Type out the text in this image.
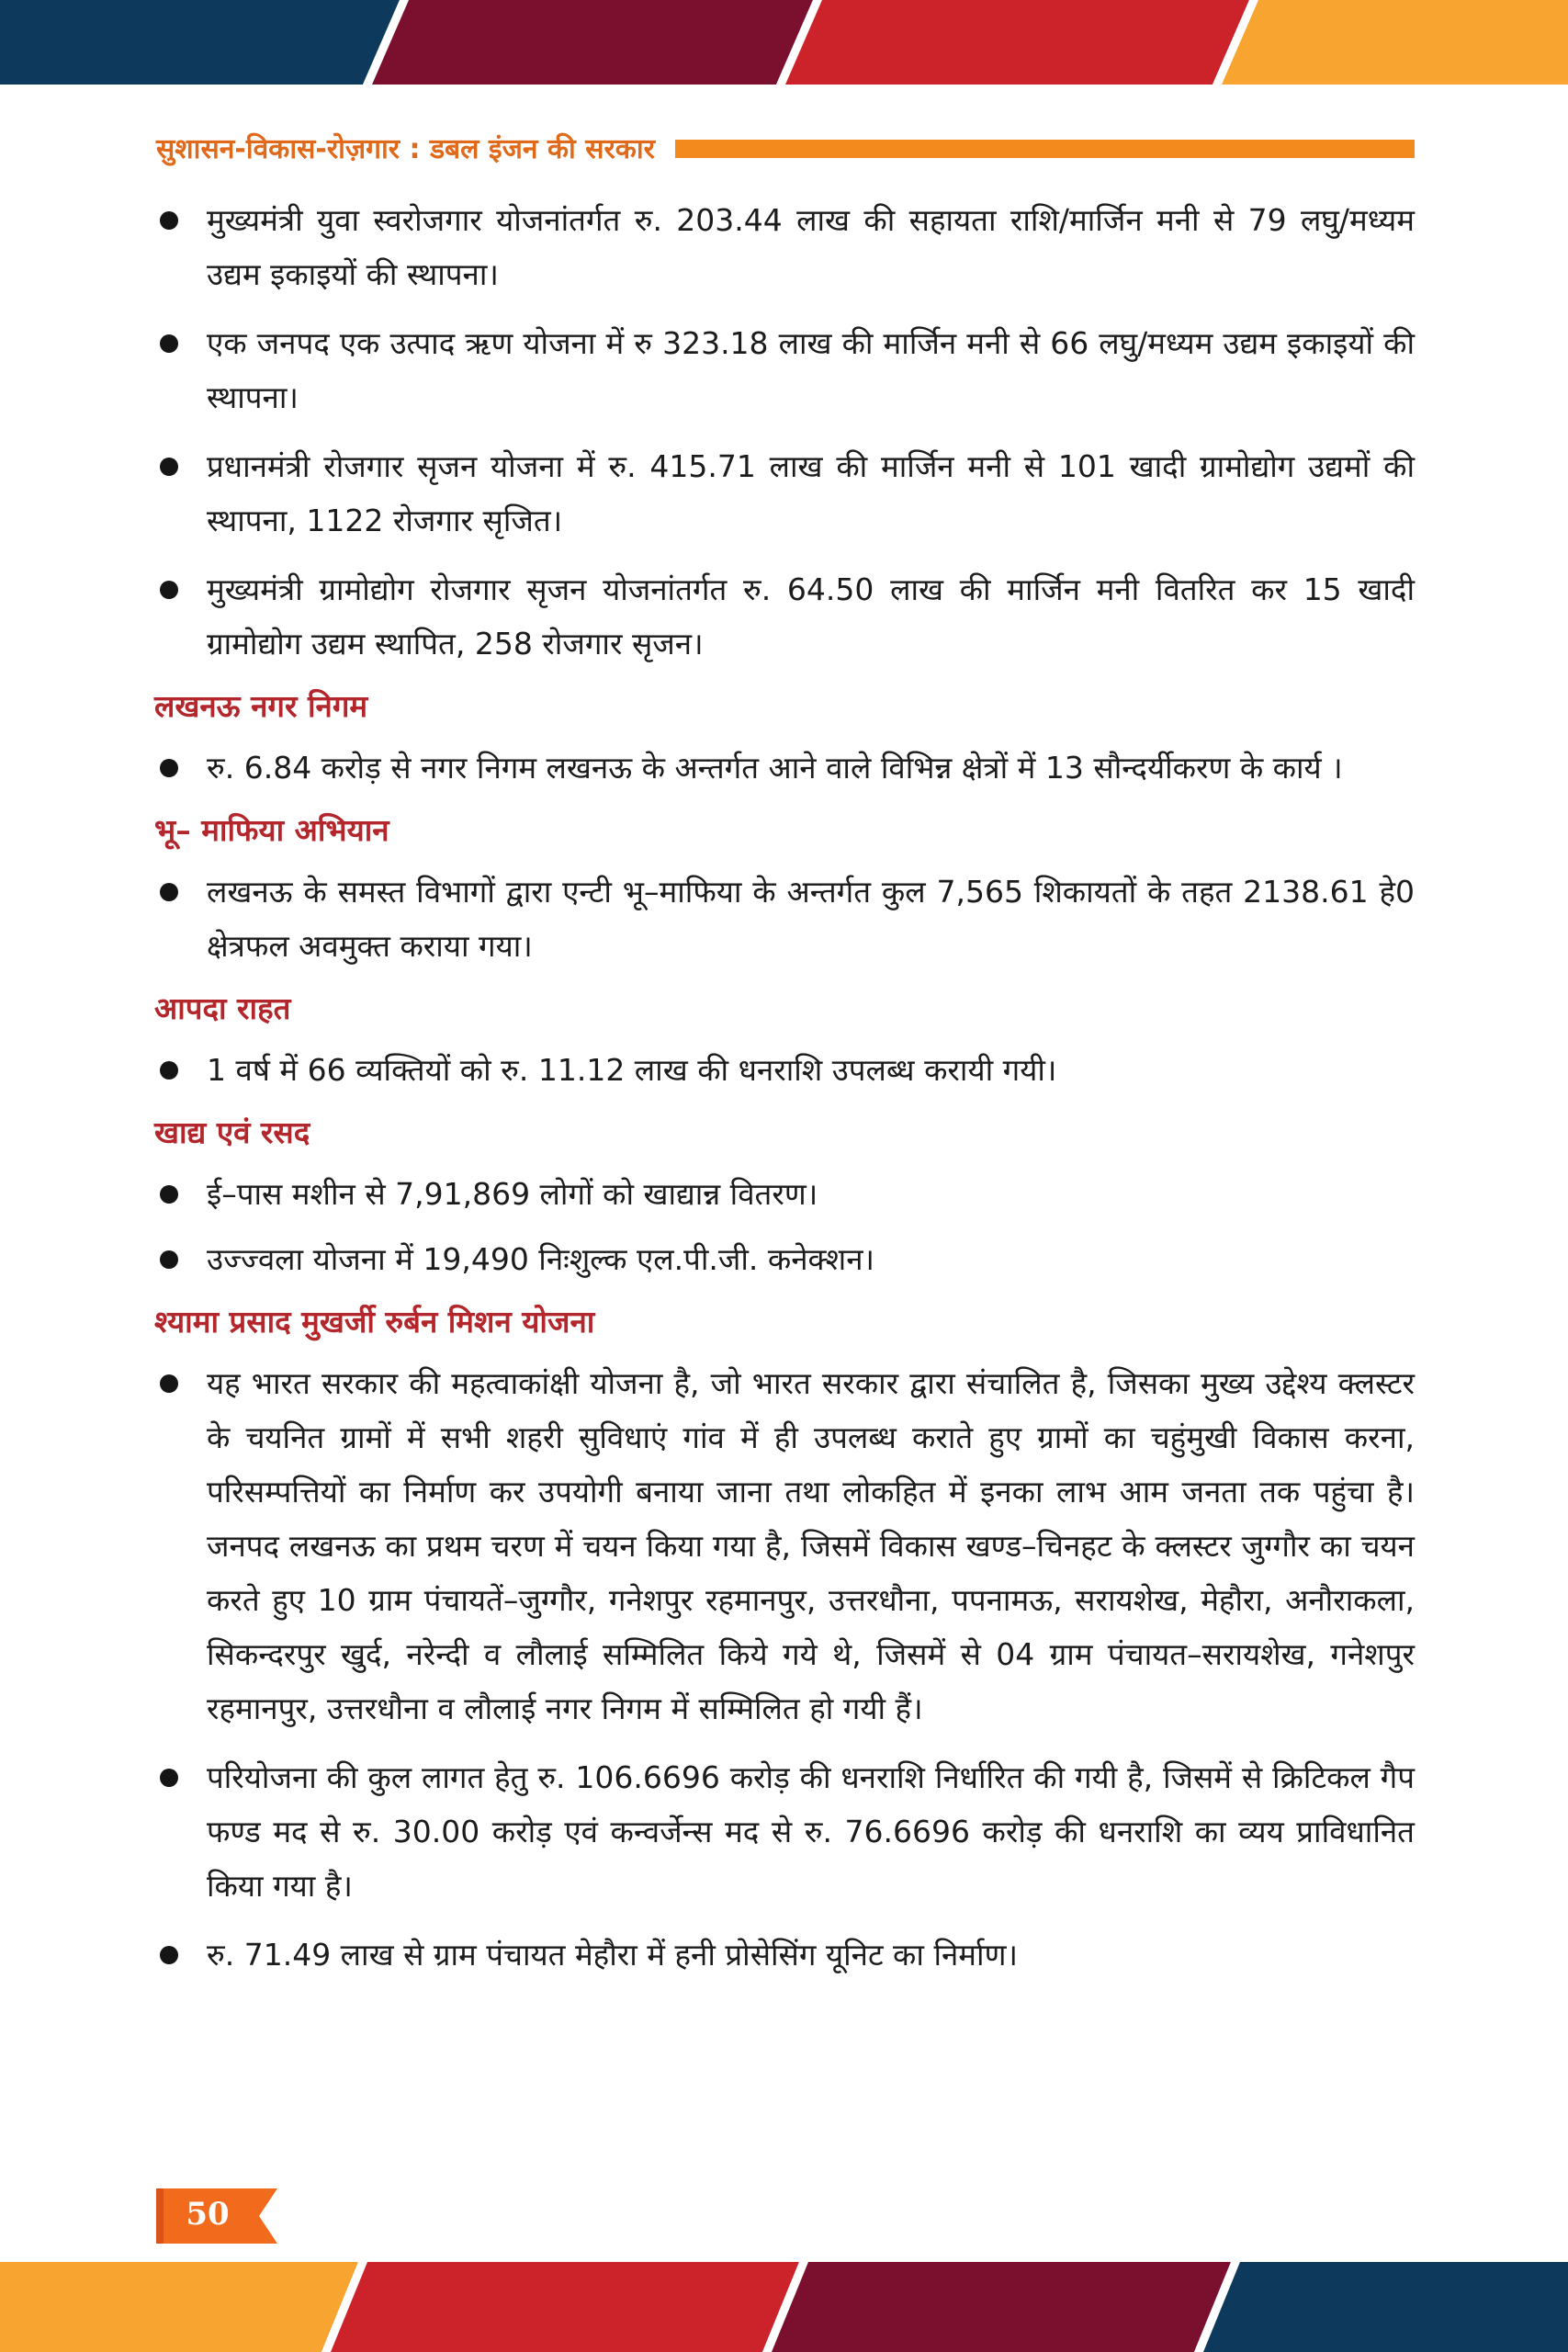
सुशासन-विकास-रोज़गार : डबल इंजन की सरकार
मुख्यमंत्री युवा स्वरोजगार योजनांतर्गत रु. 203.44 लाख की सहायता राशि/मार्जिन मनी से 79 लघु/मध्यम उद्यम इकाइयों की स्थापना।
एक जनपद एक उत्पाद ऋण योजना में रु 323.18 लाख की मार्जिन मनी से 66 लघु/मध्यम उद्यम इकाइयों की स्थापना।
प्रधानमंत्री रोजगार सृजन योजना में रु. 415.71 लाख की मार्जिन मनी से 101 खादी ग्रामोद्योग उद्यमों की स्थापना, 1122 रोजगार सृजित।
मुख्यमंत्री ग्रामोद्योग रोजगार सृजन योजनांतर्गत रु. 64.50 लाख की मार्जिन मनी वितरित कर 15 खादी ग्रामोद्योग उद्यम स्थापित, 258 रोजगार सृजन।
लखनऊ नगर निगम
रु. 6.84 करोड़ से नगर निगम लखनऊ के अन्तर्गत आने वाले विभिन्न क्षेत्रों में 13 सौन्दर्यीकरण के कार्य ।
भू– माफिया अभियान
लखनऊ के समस्त विभागों द्वारा एन्टी भू–माफिया के अन्तर्गत कुल 7,565 शिकायतों के तहत 2138.61 हे0 क्षेत्रफल अवमुक्त कराया गया।
आपदा राहत
1 वर्ष में 66 व्यक्तियों को रु. 11.12 लाख की धनराशि उपलब्ध करायी गयी।
खाद्य एवं रसद
ई–पास मशीन से 7,91,869 लोगों को खाद्यान्न वितरण।
उज्ज्वला योजना में 19,490 निःशुल्क एल.पी.जी. कनेक्शन।
श्यामा प्रसाद मुखर्जी रुर्बन मिशन योजना
यह भारत सरकार की महत्वाकांक्षी योजना है, जो भारत सरकार द्वारा संचालित है, जिसका मुख्य उद्देश्य क्लस्टर के चयनित ग्रामों में सभी शहरी सुविधाएं गांव में ही उपलब्ध कराते हुए ग्रामों का चहुंमुखी विकास करना, परिसम्पत्तियों का निर्माण कर उपयोगी बनाया जाना तथा लोकहित में इनका लाभ आम जनता तक पहुंचा है। जनपद लखनऊ का प्रथम चरण में चयन किया गया है, जिसमें विकास खण्ड–चिनहट के क्लस्टर जुग्गौर का चयन करते हुए 10 ग्राम पंचायतें–जुग्गौर, गनेशपुर रहमानपुर, उत्तरधौना, पपनामऊ, सरायशेख, मेहौरा, अनौराकला, सिकन्दरपुर खुर्द, नरेन्दी व लौलाई सम्मिलित किये गये थे, जिसमें से 04 ग्राम पंचायत–सरायशेख, गनेशपुर रहमानपुर, उत्तरधौना व लौलाई नगर निगम में सम्मिलित हो गयी हैं।
परियोजना की कुल लागत हेतु रु. 106.6696 करोड़ की धनराशि निर्धारित की गयी है, जिसमें से क्रिटिकल गैप फण्ड मद से रु. 30.00 करोड़ एवं कन्वर्जेन्स मद से रु. 76.6696 करोड़ की धनराशि का व्यय प्राविधानित किया गया है।
रु. 71.49 लाख से ग्राम पंचायत मेहौरा में हनी प्रोसेसिंग यूनिट का निर्माण।
50
